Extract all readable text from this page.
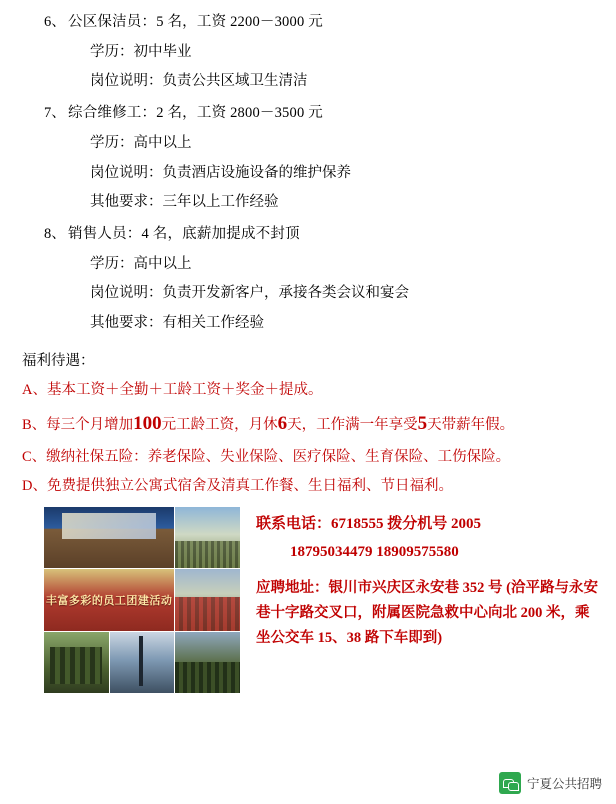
6、 公区保洁员：5 名，工资 2200－3000 元
学历：初中毕业
岗位说明：负责公共区域卫生清洁
7、 综合维修工：2 名，工资 2800－3500 元
学历：高中以上
岗位说明：负责酒店设施设备的维护保养
其他要求：三年以上工作经验
8、 销售人员：4 名，底薪加提成不封顶
学历：高中以上
岗位说明：负责开发新客户，承接各类会议和宴会
其他要求：有相关工作经验
福利待遇：
A、基本工资＋全勤＋工龄工资＋奖金＋提成。
B、每三个月增加100元工龄工资，月休6天，工作满一年享受5天带薪年假。
C、缴纳社保五险：养老保险、失业保险、医疗保险、生育保险、工伤保险。
D、免费提供独立公寓式宿舍及清真工作餐、生日福利、节日福利。
丰富多彩的员工团建活动
联系电话：6718555 拨分机号 2005
18795034479 18909575580
应聘地址：银川市兴庆区永安巷 352 号 (洽平路与永安巷十字路交叉口，附属医院急救中心向北 200 米，乘坐公交车 15、38 路下车即到)
宁夏公共招聘
